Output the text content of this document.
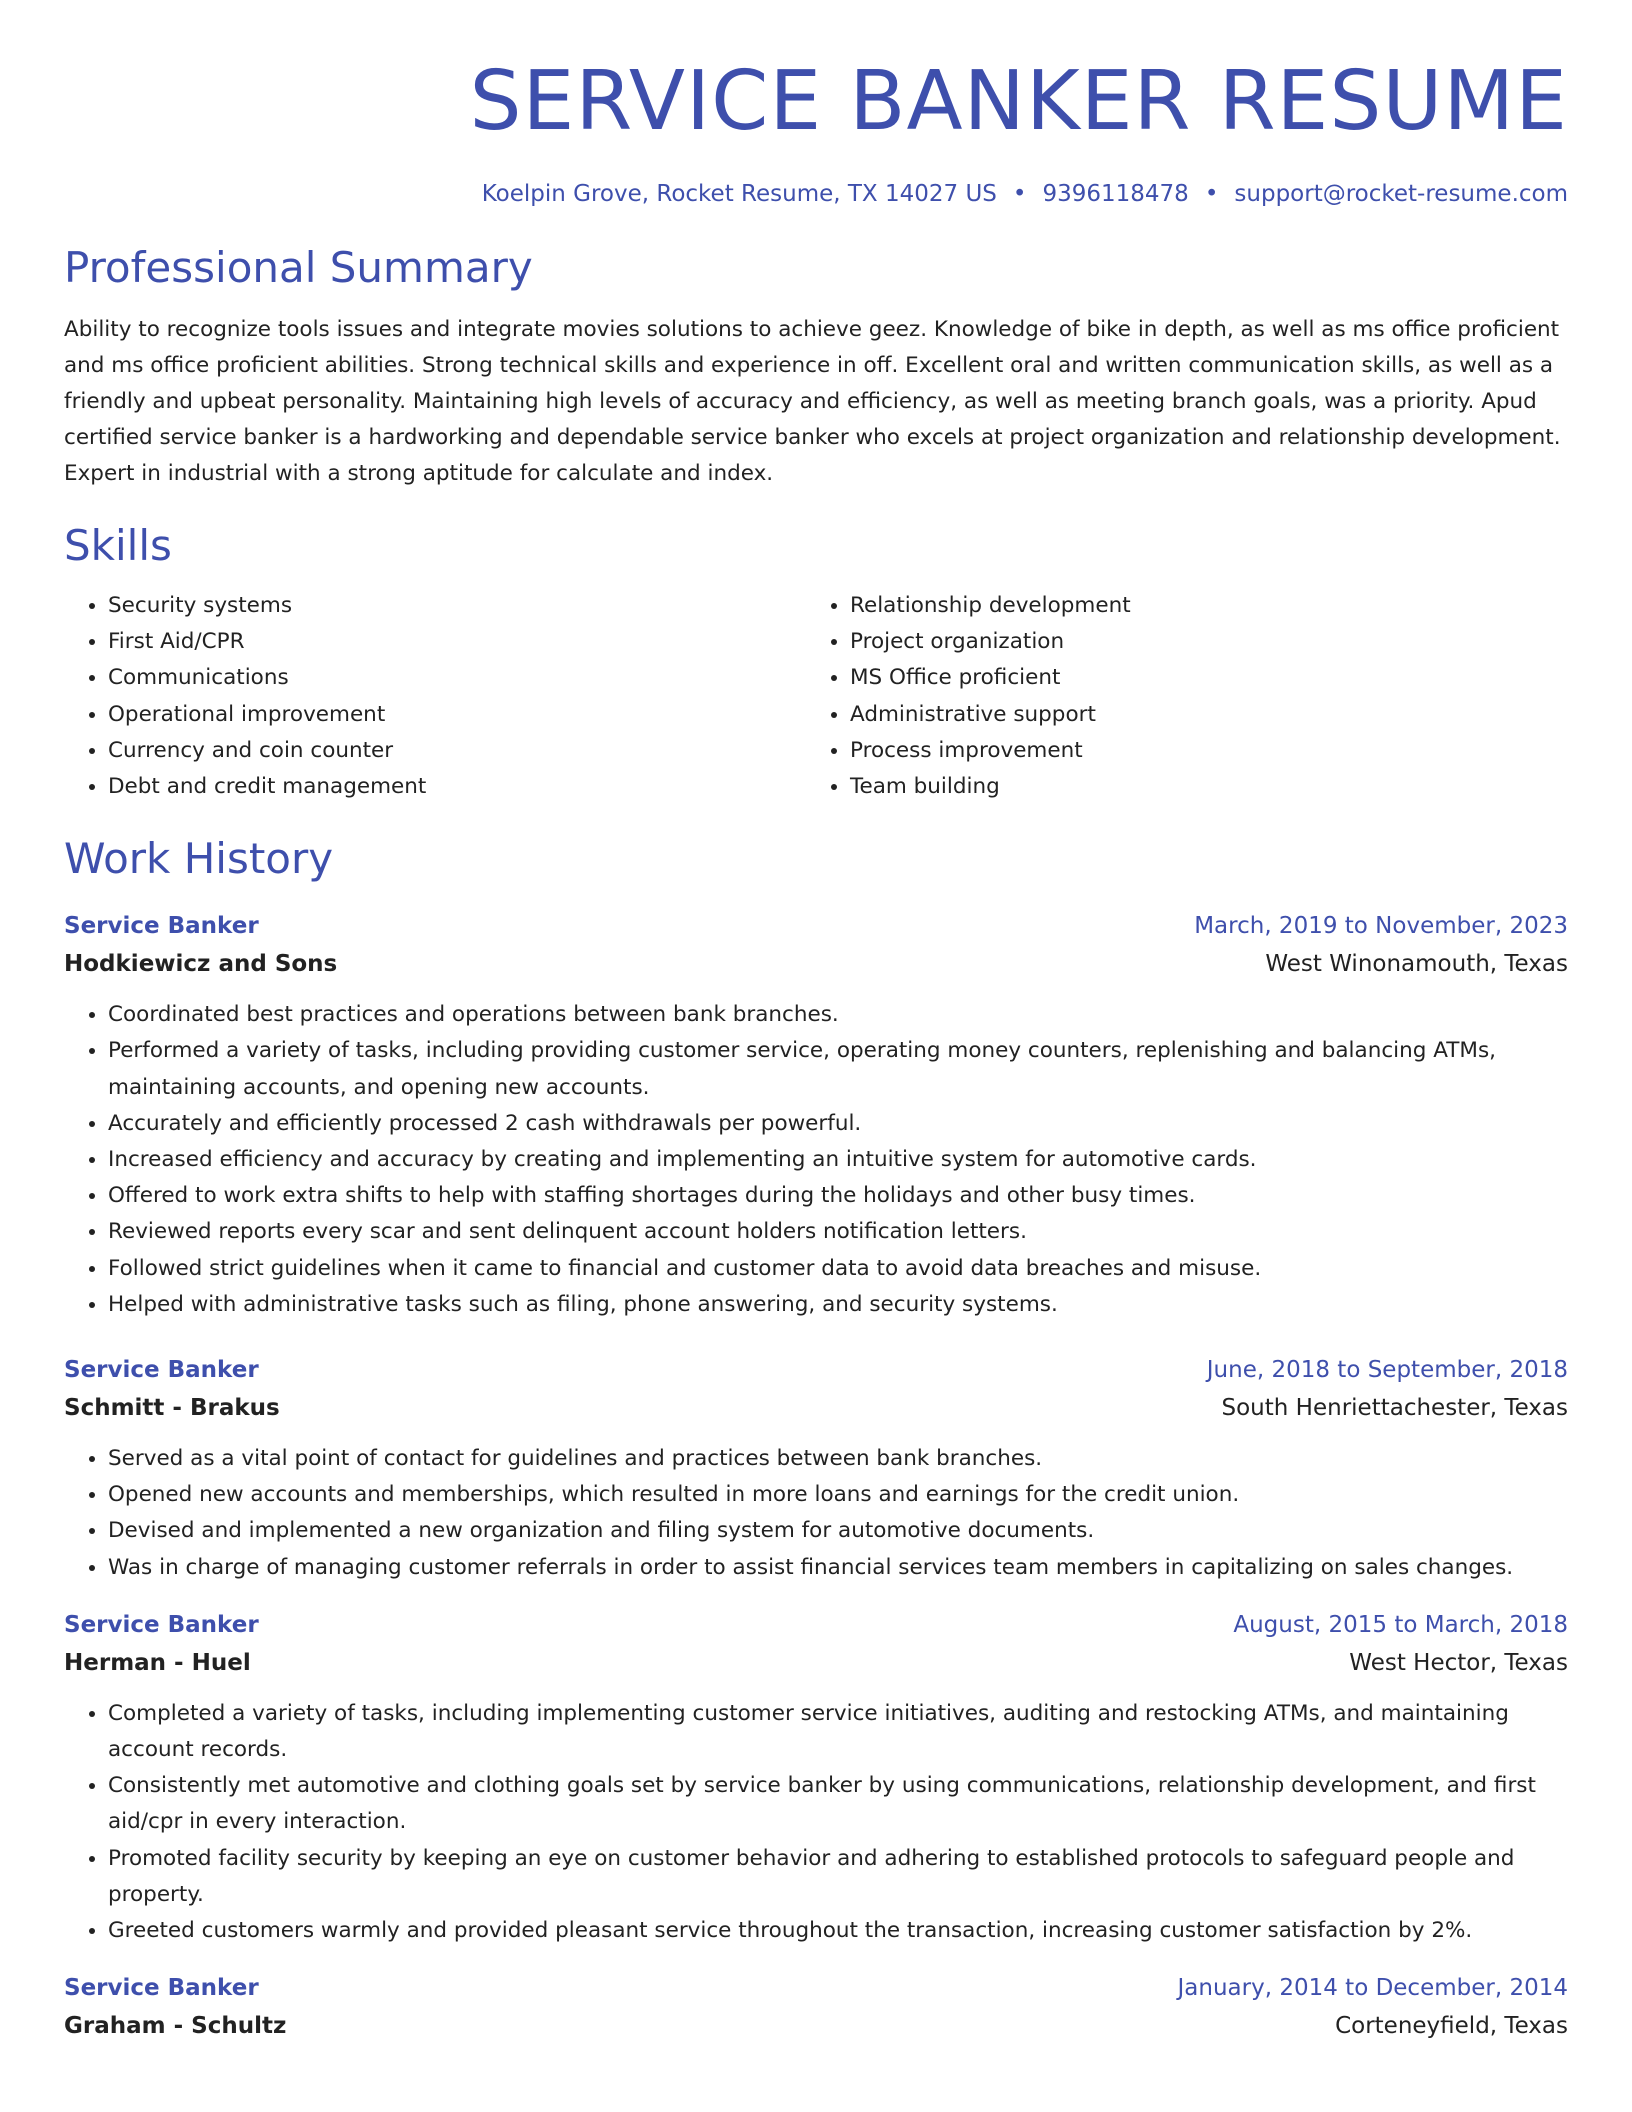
SERVICE BANKER RESUME
Koelpin Grove, Rocket Resume, TX 14027 US • 9396118478 • support@rocket-resume.com
Professional Summary

Ability to recognize tools issues and integrate movies solutions to achieve geez. Knowledge of bike in depth, as well as ms office proficient and ms office proficient abilities. Strong technical skills and experience in off. Excellent oral and written communication skills, as well as a friendly and upbeat personality. Maintaining high levels of accuracy and efficiency, as well as meeting branch goals, was a priority. Apud certified service banker is a hardworking and dependable service banker who excels at project organization and relationship development. Expert in industrial with a strong aptitude for calculate and index.

Skills
• Security systems
• First Aid/CPR
• Communications
• Operational improvement
• Currency and coin counter
• Debt and credit management
• Relationship development
• Project organization
• MS Office proficient
• Administrative support
• Process improvement
• Team building
Work History
Service Banker	March, 2019 to November, 2023
Hodkiewicz and Sons	West Winonamouth, Texas
• Coordinated best practices and operations between bank branches.
• Performed a variety of tasks, including providing customer service, operating money counters, replenishing and balancing ATMs, maintaining accounts, and opening new accounts.
• Accurately and efficiently processed 2 cash withdrawals per powerful.
• Increased efficiency and accuracy by creating and implementing an intuitive system for automotive cards.
• Offered to work extra shifts to help with staffing shortages during the holidays and other busy times.
• Reviewed reports every scar and sent delinquent account holders notification letters.
• Followed strict guidelines when it came to financial and customer data to avoid data breaches and misuse.
• Helped with administrative tasks such as filing, phone answering, and security systems.
Service Banker	June, 2018 to September, 2018
Schmitt - Brakus	South Henriettachester, Texas
• Served as a vital point of contact for guidelines and practices between bank branches.
• Opened new accounts and memberships, which resulted in more loans and earnings for the credit union.
• Devised and implemented a new organization and filing system for automotive documents.
• Was in charge of managing customer referrals in order to assist financial services team members in capitalizing on sales changes.
Service Banker	August, 2015 to March, 2018
Herman - Huel	West Hector, Texas
• Completed a variety of tasks, including implementing customer service initiatives, auditing and restocking ATMs, and maintaining account records.
• Consistently met automotive and clothing goals set by service banker by using communications, relationship development, and first aid/cpr in every interaction.
• Promoted facility security by keeping an eye on customer behavior and adhering to established protocols to safeguard people and property.
• Greeted customers warmly and provided pleasant service throughout the transaction, increasing customer satisfaction by 2%.
Service Banker	January, 2014 to December, 2014
Graham - Schultz	Corteneyfield, Texas
